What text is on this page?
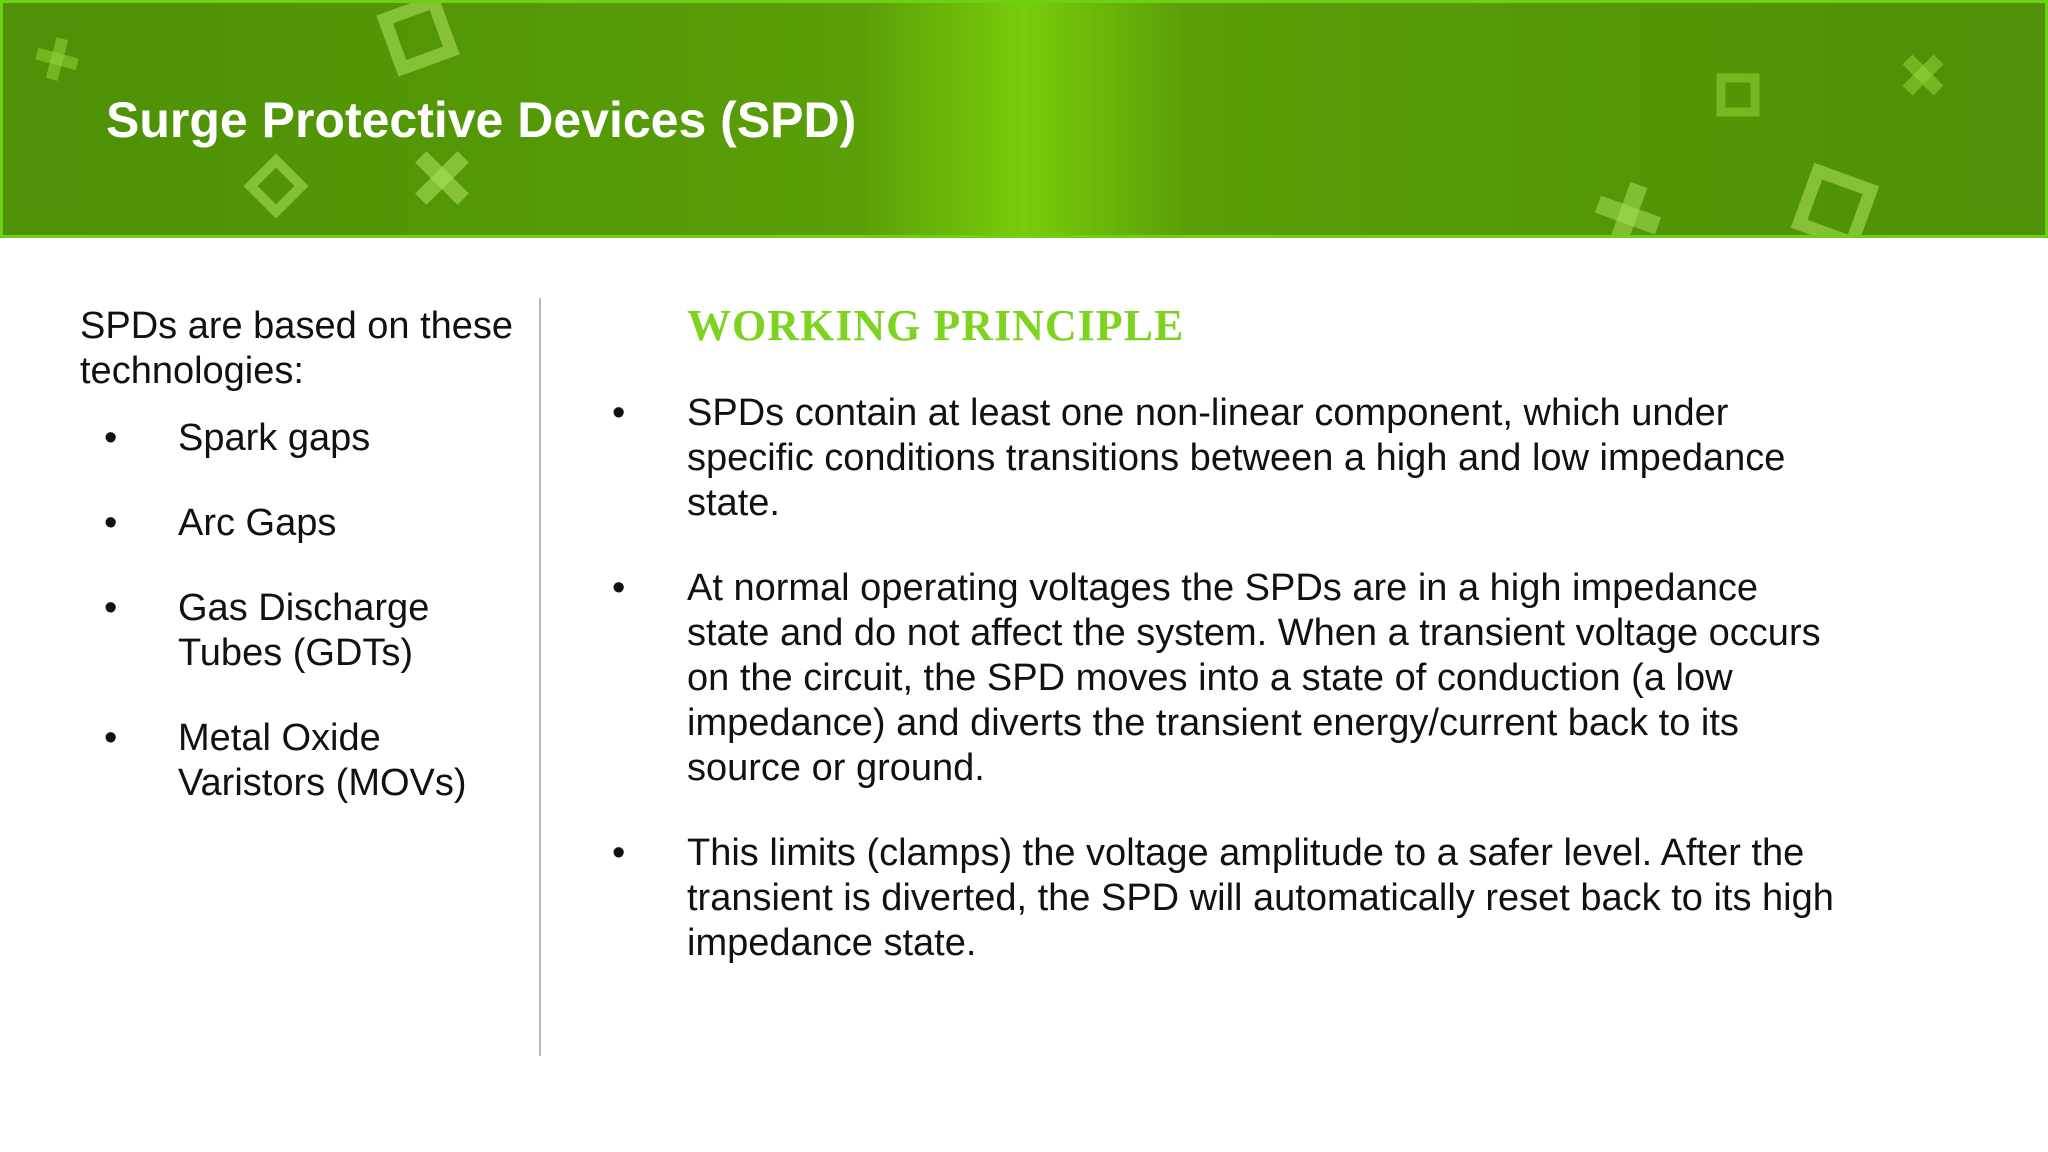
Surge Protective Devices (SPD)

SPDs are based on these technologies:

• Spark gaps
• Arc Gaps
• Gas Discharge Tubes (GDTs)
• Metal Oxide Varistors (MOVs)
WORKING PRINCIPLE
• SPDs contain at least one non-linear component, which under specific conditions transitions between a high and low impedance state.
• At normal operating voltages the SPDs are in a high impedance state and do not affect the system. When a transient voltage occurs on the circuit, the SPD moves into a state of conduction (a low impedance) and diverts the transient energy/current back to its source or ground.
• This limits (clamps) the voltage amplitude to a safer level. After the transient is diverted, the SPD will automatically reset back to its high impedance state.
